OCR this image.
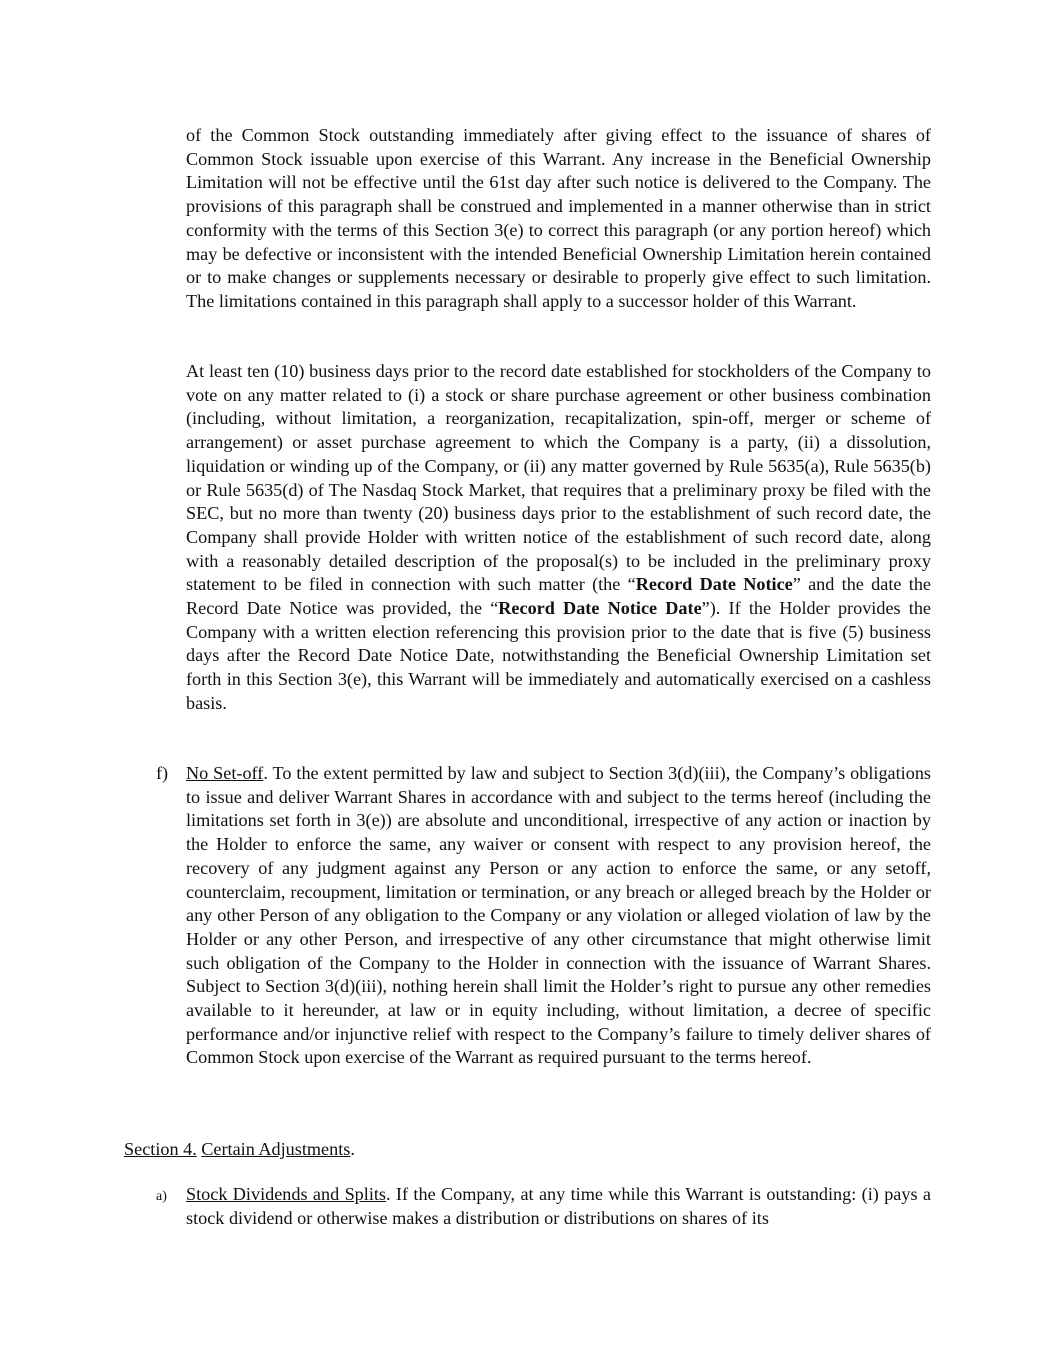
of the Common Stock outstanding immediately after giving effect to the issuance of shares of Common Stock issuable upon exercise of this Warrant. Any increase in the Beneficial Ownership Limitation will not be effective until the 61st day after such notice is delivered to the Company. The provisions of this paragraph shall be construed and implemented in a manner otherwise than in strict conformity with the terms of this Section 3(e) to correct this paragraph (or any portion hereof) which may be defective or inconsistent with the intended Beneficial Ownership Limitation herein contained or to make changes or supplements necessary or desirable to properly give effect to such limitation. The limitations contained in this paragraph shall apply to a successor holder of this Warrant.

At least ten (10) business days prior to the record date established for stockholders of the Company to vote on any matter related to (i) a stock or share purchase agreement or other business combination (including, without limitation, a reorganization, recapitalization, spin-off, merger or scheme of arrangement) or asset purchase agreement to which the Company is a party, (ii) a dissolution, liquidation or winding up of the Company, or (ii) any matter governed by Rule 5635(a), Rule 5635(b) or Rule 5635(d) of The Nasdaq Stock Market, that requires that a preliminary proxy be filed with the SEC, but no more than twenty (20) business days prior to the establishment of such record date, the Company shall provide Holder with written notice of the establishment of such record date, along with a reasonably detailed description of the proposal(s) to be included in the preliminary proxy statement to be filed in connection with such matter (the “Record Date Notice” and the date the Record Date Notice was provided, the “Record Date Notice Date”). If the Holder provides the Company with a written election referencing this provision prior to the date that is five (5) business days after the Record Date Notice Date, notwithstanding the Beneficial Ownership Limitation set forth in this Section 3(e), this Warrant will be immediately and automatically exercised on a cashless basis.

f) No Set-off. To the extent permitted by law and subject to Section 3(d)(iii), the Company’s obligations to issue and deliver Warrant Shares in accordance with and subject to the terms hereof (including the limitations set forth in 3(e)) are absolute and unconditional, irrespective of any action or inaction by the Holder to enforce the same, any waiver or consent with respect to any provision hereof, the recovery of any judgment against any Person or any action to enforce the same, or any setoff, counterclaim, recoupment, limitation or termination, or any breach or alleged breach by the Holder or any other Person of any obligation to the Company or any violation or alleged violation of law by the Holder or any other Person, and irrespective of any other circumstance that might otherwise limit such obligation of the Company to the Holder in connection with the issuance of Warrant Shares. Subject to Section 3(d)(iii), nothing herein shall limit the Holder’s right to pursue any other remedies available to it hereunder, at law or in equity including, without limitation, a decree of specific performance and/or injunctive relief with respect to the Company’s failure to timely deliver shares of Common Stock upon exercise of the Warrant as required pursuant to the terms hereof.

Section 4. Certain Adjustments.

a) Stock Dividends and Splits. If the Company, at any time while this Warrant is outstanding: (i) pays a stock dividend or otherwise makes a distribution or distributions on shares of its
